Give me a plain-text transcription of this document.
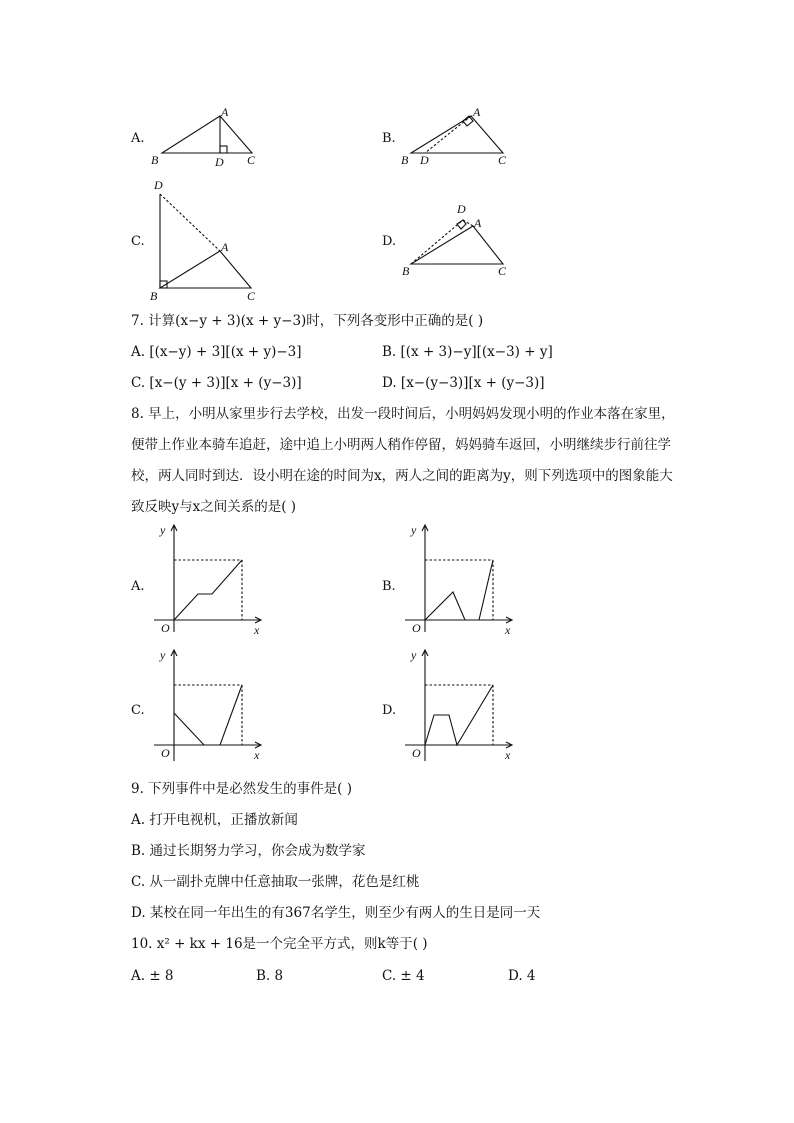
A.
A
B	D C
B.
A
B D	C
C.
D
A
B	C
D.
D
A
B	C
7. 计算(x−y + 3)(x + y−3)时，下列各变形中正确的是( )
A. [(x−y) + 3][(x + y)−3]	B. [(x + 3)−y][(x−3) + y]
C. [x−(y + 3)][x + (y−3)]	D. [x−(y−3)][x + (y−3)]
8. 早上，小明从家里步行去学校，出发一段时间后，小明妈妈发现小明的作业本落在家里，
便带上作业本骑车追赶，途中追上小明两人稍作停留，妈妈骑车返回，小明继续步行前往学
校，两人同时到达．设小明在途的时间为x，两人之间的距离为y，则下列选项中的图象能大
致反映y与x之间关系的是( )
A.
y
O	x
B.
y
O	x
C.
y
O	x
D.
y
O	x
9. 下列事件中是必然发生的事件是( )
A. 打开电视机，正播放新闻
B. 通过长期努力学习，你会成为数学家
C. 从一副扑克牌中任意抽取一张牌，花色是红桃
D. 某校在同一年出生的有367名学生，则至少有两人的生日是同一天
10. x² + kx + 16是一个完全平方式，则k等于( )
A. ± 8	B. 8	C. ± 4	D. 4
